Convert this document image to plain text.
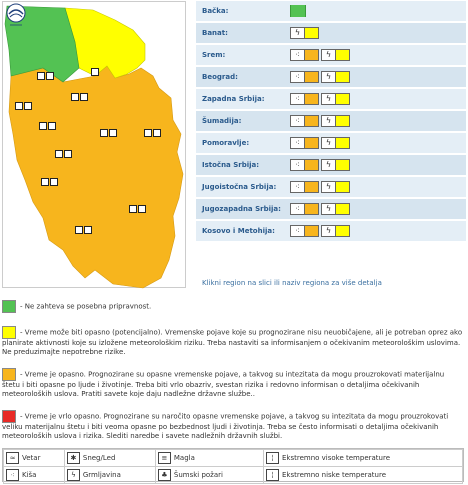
Bačka:
Banat:	ϟ
Srem:	⁖	ϟ
Beograd:	⁖	ϟ
Zapadna Srbija:	⁖	ϟ
Šumadija:	⁖	ϟ
Pomoravlje:	⁖	ϟ
Istočna Srbija:	⁖	ϟ
Jugoistočna Srbija:	⁖	ϟ
Jugozapadna Srbija:	⁖	ϟ
Kosovo i Metohija:	⁖	ϟ
Klikni region na slici ili naziv regiona za više detalja
- Ne zahteva se posebna pripravnost.
- Vreme može biti opasno (potencijalno). Vremenske pojave koje su prognozirane nisu neuobičajene, ali je potreban oprez ako planirate aktivnosti koje su izložene meteorološkim riziku. Treba nastaviti sa informisanjem o očekivanim meteorološkim uslovima. Ne preduzimajte nepotrebne rizike.
- Vreme je opasno. Prognozirane su opasne vremenske pojave, a takvog su intezitata da mogu prouzrokovati materijalnu štetu i biti opasne po ljude i životinje. Treba biti vrlo obazriv, svestan rizika i redovno informisan o detaljima očekivanih meteoroloških uslova. Pratiti savete koje daju nadležne državne službe..
- Vreme je vrlo opasno. Prognozirane su naročito opasne vremenske pojave, a takvog su intezitata da mogu prouzrokovati veliku materijalnu štetu i biti veoma opasne po bezbednost ljudi i životinja. Treba se često informisati o detaljima očekivanih meteoroloških uslova i rizika. Slediti naredbe i savete nadležnih državnih službi.
≈ Vetar	✱ Sneg/Led	≡ Magla	¦ Ekstremno visoke temperature
⁖ Kiša	ϟ Grmljavina	♣ Šumski požari	¦ Ekstremno niske temperature
